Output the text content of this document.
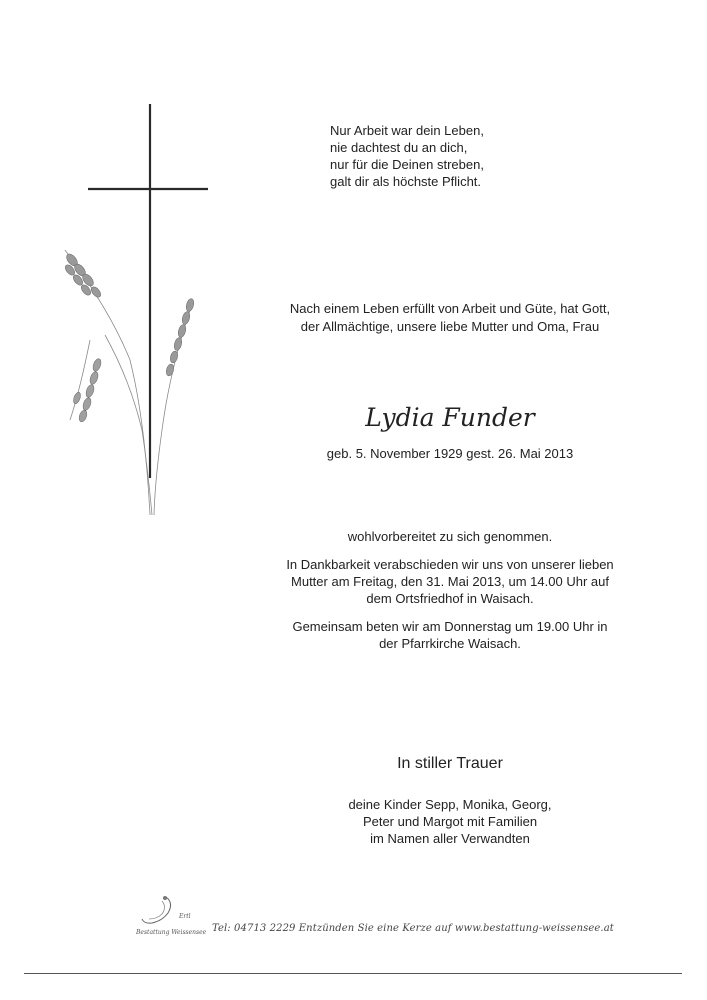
Nur Arbeit war dein Leben,
nie dachtest du an dich,
nur für die Deinen streben,
galt dir als höchste Pflicht.
Nach einem Leben erfüllt von Arbeit und Güte, hat Gott,
der Allmächtige, unsere liebe Mutter und Oma, Frau
Lydia Funder
geb. 5. November 1929 gest. 26. Mai 2013
wohlvorbereitet zu sich genommen.
In Dankbarkeit verabschieden wir uns von unserer lieben
Mutter am Freitag, den 31. Mai 2013, um 14.00 Uhr auf
dem Ortsfriedhof in Waisach.
Gemeinsam beten wir am Donnerstag um 19.00 Uhr in
der Pfarrkirche Waisach.
In stiller Trauer
deine Kinder Sepp, Monika, Georg,
Peter und Margot mit Familien
im Namen aller Verwandten
Ertl
Bestattung Weissensee Tel: 04713 2229 Entzünden Sie eine Kerze auf www.bestattung-weissensee.at
